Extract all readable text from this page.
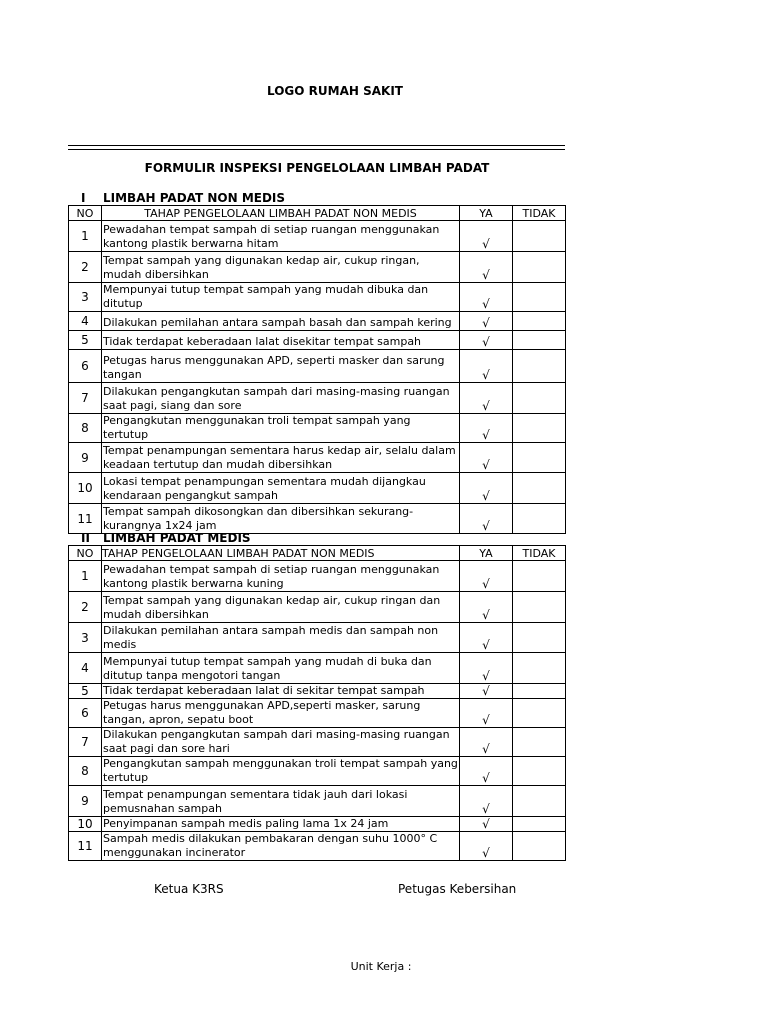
LOGO RUMAH SAKIT
FORMULIR INSPEKSI PENGELOLAAN LIMBAH PADAT
I LIMBAH PADAT NON MEDIS
NO	TAHAP PENGELOLAAN LIMBAH PADAT NON MEDIS	YA	TIDAK
1	Pewadahan tempat sampah di setiap ruangan menggunakan kantong plastik berwarna hitam	√	
2	Tempat sampah yang digunakan kedap air, cukup ringan, mudah dibersihkan	√	
3	Mempunyai tutup tempat sampah yang mudah dibuka dan ditutup	√	
4	Dilakukan pemilahan antara sampah basah dan sampah kering	√	
5	Tidak terdapat keberadaan lalat disekitar tempat sampah	√	
6	Petugas harus menggunakan APD, seperti masker dan sarung tangan	√	
7	Dilakukan pengangkutan sampah dari masing-masing ruangan saat pagi, siang dan sore	√	
8	Pengangkutan menggunakan troli tempat sampah yang tertutup	√	
9	Tempat penampungan sementara harus kedap air, selalu dalam keadaan tertutup dan mudah dibersihkan	√	
10	Lokasi tempat penampungan sementara mudah dijangkau kendaraan pengangkut sampah	√	
11	Tempat sampah dikosongkan dan dibersihkan sekurang-kurangnya 1x24 jam	√	
II LIMBAH PADAT MEDIS
NO	TAHAP PENGELOLAAN LIMBAH PADAT NON MEDIS	YA	TIDAK
1	Pewadahan tempat sampah di setiap ruangan menggunakan kantong plastik berwarna kuning	√	
2	Tempat sampah yang digunakan kedap air, cukup ringan dan mudah dibersihkan	√	
3	Dilakukan pemilahan antara sampah medis dan sampah non medis	√	
4	Mempunyai tutup tempat sampah yang mudah di buka dan ditutup tanpa mengotori tangan	√	
5	Tidak terdapat keberadaan lalat di sekitar tempat sampah	√	
6	Petugas harus menggunakan APD,seperti masker, sarung tangan, apron, sepatu boot	√	
7	Dilakukan pengangkutan sampah dari masing-masing ruangan saat pagi dan sore hari	√	
8	Pengangkutan sampah menggunakan troli tempat sampah yang tertutup	√	
9	Tempat penampungan sementara tidak jauh dari lokasi pemusnahan sampah	√	
10	Penyimpanan sampah medis paling lama 1x 24 jam	√	
11	Sampah medis dilakukan pembakaran dengan suhu 1000° C menggunakan incinerator	√	
Ketua K3RS	Petugas Kebersihan
Unit Kerja :
